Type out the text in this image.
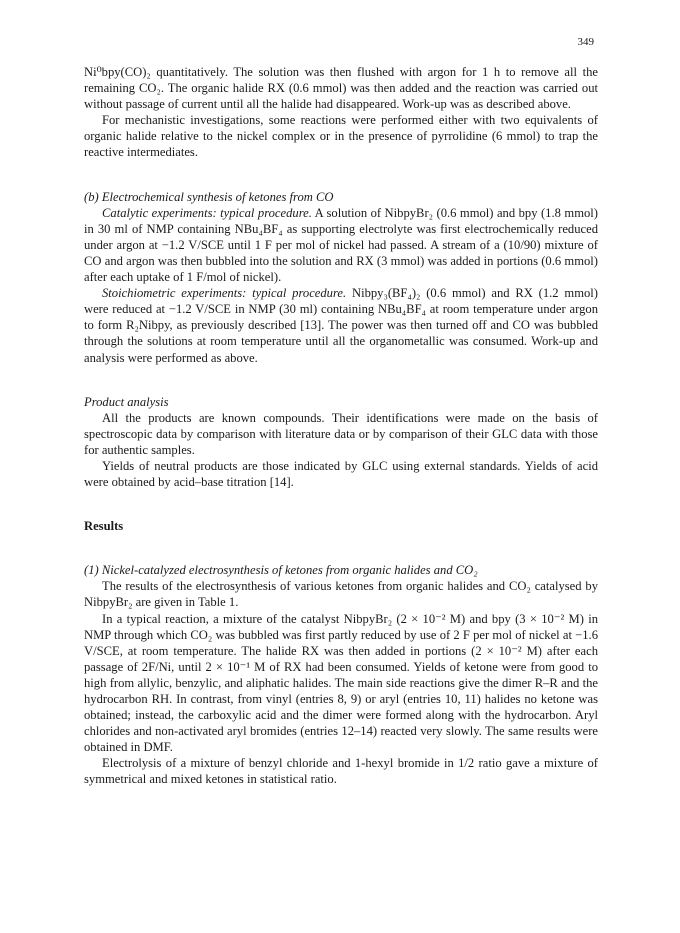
349

Ni⁰bpy(CO)₂ quantitatively. The solution was then flushed with argon for 1 h to remove all the remaining CO₂. The organic halide RX (0.6 mmol) was then added and the reaction was carried out without passage of current until all the halide had disappeared. Work-up was as described above.

For mechanistic investigations, some reactions were performed either with two equivalents of organic halide relative to the nickel complex or in the presence of pyrrolidine (6 mmol) to trap the reactive intermediates.

(b) Electrochemical synthesis of ketones from CO

Catalytic experiments: typical procedure. A solution of NibpyBr₂ (0.6 mmol) and bpy (1.8 mmol) in 30 ml of NMP containing NBu₄BF₄ as supporting electrolyte was first electrochemically reduced under argon at −1.2 V/SCE until 1 F per mol of nickel had passed. A stream of a (10/90) mixture of CO and argon was then bubbled into the solution and RX (3 mmol) was added in portions (0.6 mmol) after each uptake of 1 F/mol of nickel).

Stoichiometric experiments: typical procedure. Nibpy₃(BF₄)₂ (0.6 mmol) and RX (1.2 mmol) were reduced at −1.2 V/SCE in NMP (30 ml) containing NBu₄BF₄ at room temperature under argon to form R₂Nibpy, as previously described [13]. The power was then turned off and CO was bubbled through the solutions at room temperature until all the organometallic was consumed. Work-up and analysis were performed as above.

Product analysis

All the products are known compounds. Their identifications were made on the basis of spectroscopic data by comparison with literature data or by comparison of their GLC data with those for authentic samples.

Yields of neutral products are those indicated by GLC using external standards. Yields of acid were obtained by acid–base titration [14].

Results

(1) Nickel-catalyzed electrosynthesis of ketones from organic halides and CO₂

The results of the electrosynthesis of various ketones from organic halides and CO₂ catalysed by NibpyBr₂ are given in Table 1.

In a typical reaction, a mixture of the catalyst NibpyBr₂ (2 × 10⁻² M) and bpy (3 × 10⁻² M) in NMP through which CO₂ was bubbled was first partly reduced by use of 2 F per mol of nickel at −1.6 V/SCE, at room temperature. The halide RX was then added in portions (2 × 10⁻² M) after each passage of 2F/Ni, until 2 × 10⁻¹ M of RX had been consumed. Yields of ketone were from good to high from allylic, benzylic, and aliphatic halides. The main side reactions give the dimer R–R and the hydrocarbon RH. In contrast, from vinyl (entries 8, 9) or aryl (entries 10, 11) halides no ketone was obtained; instead, the carboxylic acid and the dimer were formed along with the hydrocarbon. Aryl chlorides and non-activated aryl bromides (entries 12–14) reacted very slowly. The same results were obtained in DMF.

Electrolysis of a mixture of benzyl chloride and 1-hexyl bromide in 1/2 ratio gave a mixture of symmetrical and mixed ketones in statistical ratio.
